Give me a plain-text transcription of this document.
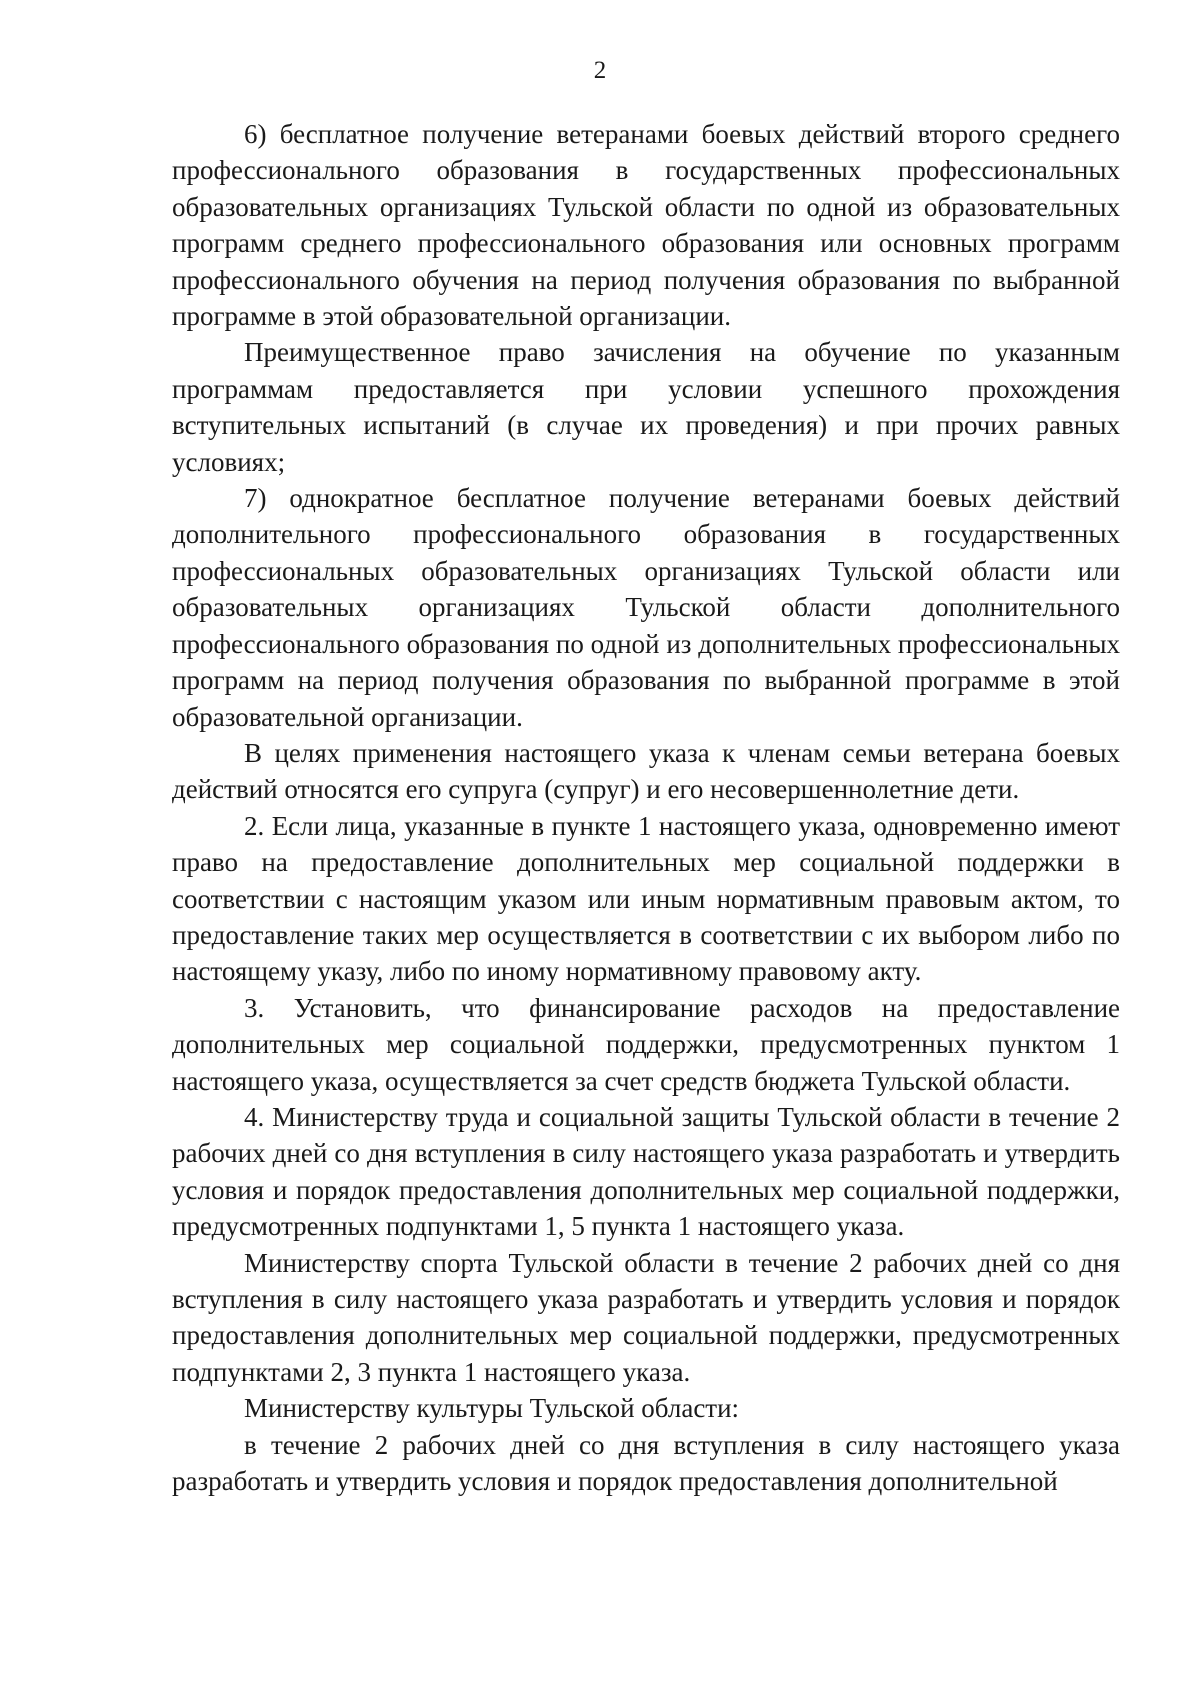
2

6) бесплатное получение ветеранами боевых действий второго среднего профессионального образования в государственных профессиональных образовательных организациях Тульской области по одной из образовательных программ среднего профессионального образования или основных программ профессионального обучения на период получения образования по выбранной программе в этой образовательной организации.

Преимущественное право зачисления на обучение по указанным программам предоставляется при условии успешного прохождения вступительных испытаний (в случае их проведения) и при прочих равных условиях;

7) однократное бесплатное получение ветеранами боевых действий дополнительного профессионального образования в государственных профессиональных образовательных организациях Тульской области или образовательных организациях Тульской области дополнительного профессионального образования по одной из дополнительных профессиональных программ на период получения образования по выбранной программе в этой образовательной организации.

В целях применения настоящего указа к членам семьи ветерана боевых действий относятся его супруга (супруг) и его несовершеннолетние дети.

2. Если лица, указанные в пункте 1 настоящего указа, одновременно имеют право на предоставление дополнительных мер социальной поддержки в соответствии с настоящим указом или иным нормативным правовым актом, то предоставление таких мер осуществляется в соответствии с их выбором либо по настоящему указу, либо по иному нормативному правовому акту.

3. Установить, что финансирование расходов на предоставление дополнительных мер социальной поддержки, предусмотренных пунктом 1 настоящего указа, осуществляется за счет средств бюджета Тульской области.

4. Министерству труда и социальной защиты Тульской области в течение 2 рабочих дней со дня вступления в силу настоящего указа разработать и утвердить условия и порядок предоставления дополнительных мер социальной поддержки, предусмотренных подпунктами 1, 5 пункта 1 настоящего указа.

Министерству спорта Тульской области в течение 2 рабочих дней со дня вступления в силу настоящего указа разработать и утвердить условия и порядок предоставления дополнительных мер социальной поддержки, предусмотренных подпунктами 2, 3 пункта 1 настоящего указа.

Министерству культуры Тульской области:

в течение 2 рабочих дней со дня вступления в силу настоящего указа разработать и утвердить условия и порядок предоставления дополнительной
